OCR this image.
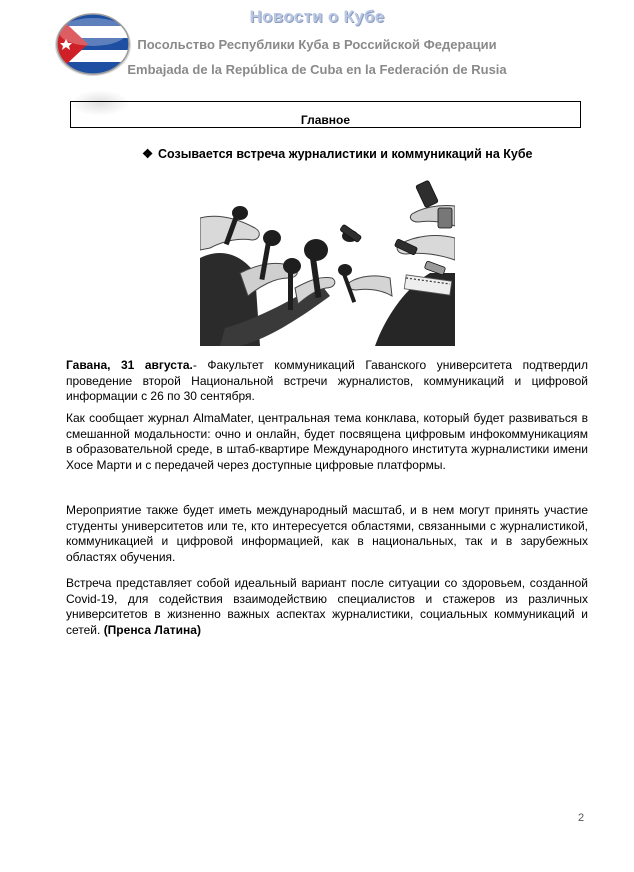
Новости о Кубе
Посольство Республики Куба в Российской Федерации
Embajada de la República de Cuba en la Federación de Rusia
Главное
❖ Созывается встреча журналистики и коммуникаций на Кубе
Гавана, 31 августа.- Факультет коммуникаций Гаванского университета подтвердил проведение второй Национальной встречи журналистов, коммуникаций и цифровой информации с 26 по 30 сентября.
Как сообщает журнал AlmaMater, центральная тема конклава, который будет развиваться в смешанной модальности: очно и онлайн, будет посвящена цифровым инфокоммуникациям в образовательной среде, в штаб-квартире Международного института журналистики имени Хосе Марти и с передачей через доступные цифровые платформы.
Мероприятие также будет иметь международный масштаб, и в нем могут принять участие студенты университетов или те, кто интересуется областями, связанными с журналистикой, коммуникацией и цифровой информацией, как в национальных, так и в зарубежных областях обучения.
Встреча представляет собой идеальный вариант после ситуации со здоровьем, созданной Covid-19, для содействия взаимодействию специалистов и стажеров из различных университетов в жизненно важных аспектах журналистики, социальных коммуникаций и сетей. (Пренса Латина)
2
